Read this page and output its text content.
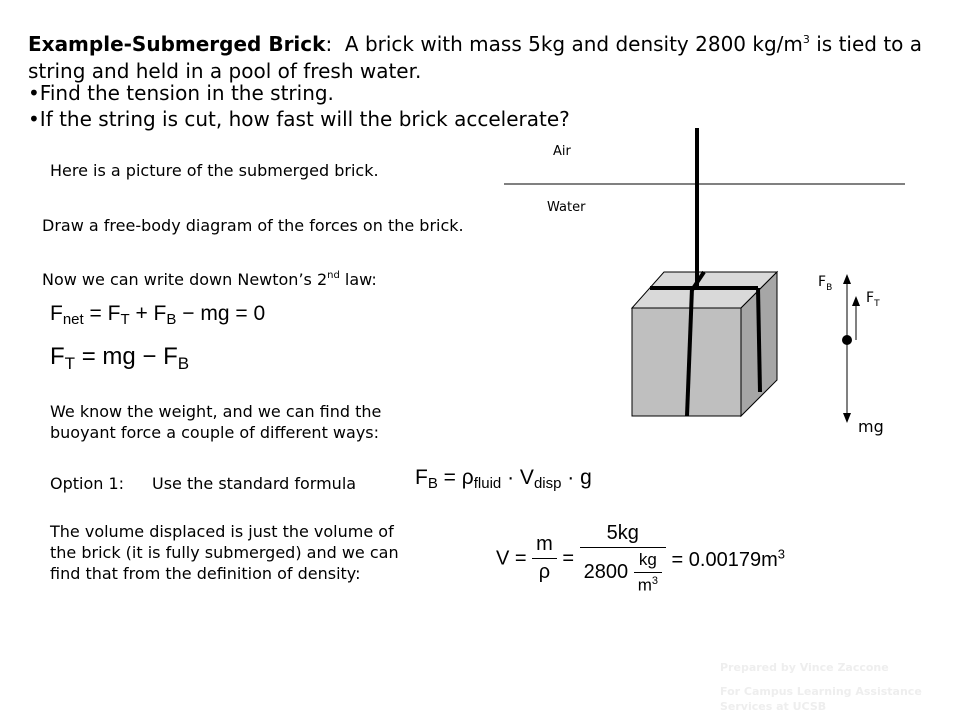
Example-Submerged Brick: A brick with mass 5kg and density 2800 $kg/m^3$ is tied to a string and held in a pool of fresh water.
•Find the tension in the string.
•If the string is cut, how fast will the brick accelerate?
Here is a picture of the submerged brick.
Draw a free-body diagram of the forces on the brick.
Now we can write down Newton’s 2nd law:
$F_{net} = F_T + F_B$ − mg = 0
$F_T$ = mg − $F_B$
We know the weight, and we can find the
buoyant force a couple of different ways:
Option 1: Use the standard formula	$F_B = \rho_{fluid} \cdot V_{disp} \cdot g$
The volume displaced is just the volume of
the brick (it is fully submerged) and we can
find that from the definition of density:
$V = \frac{m}{\rho} = \frac{5kg}{2800 \frac{kg}{m^3}} = 0.00179m^3$
Air
Water
$F_B$
$F_T$
mg
Prepared by Vince Zaccone
For Campus Learning Assistance
Services at UCSB
